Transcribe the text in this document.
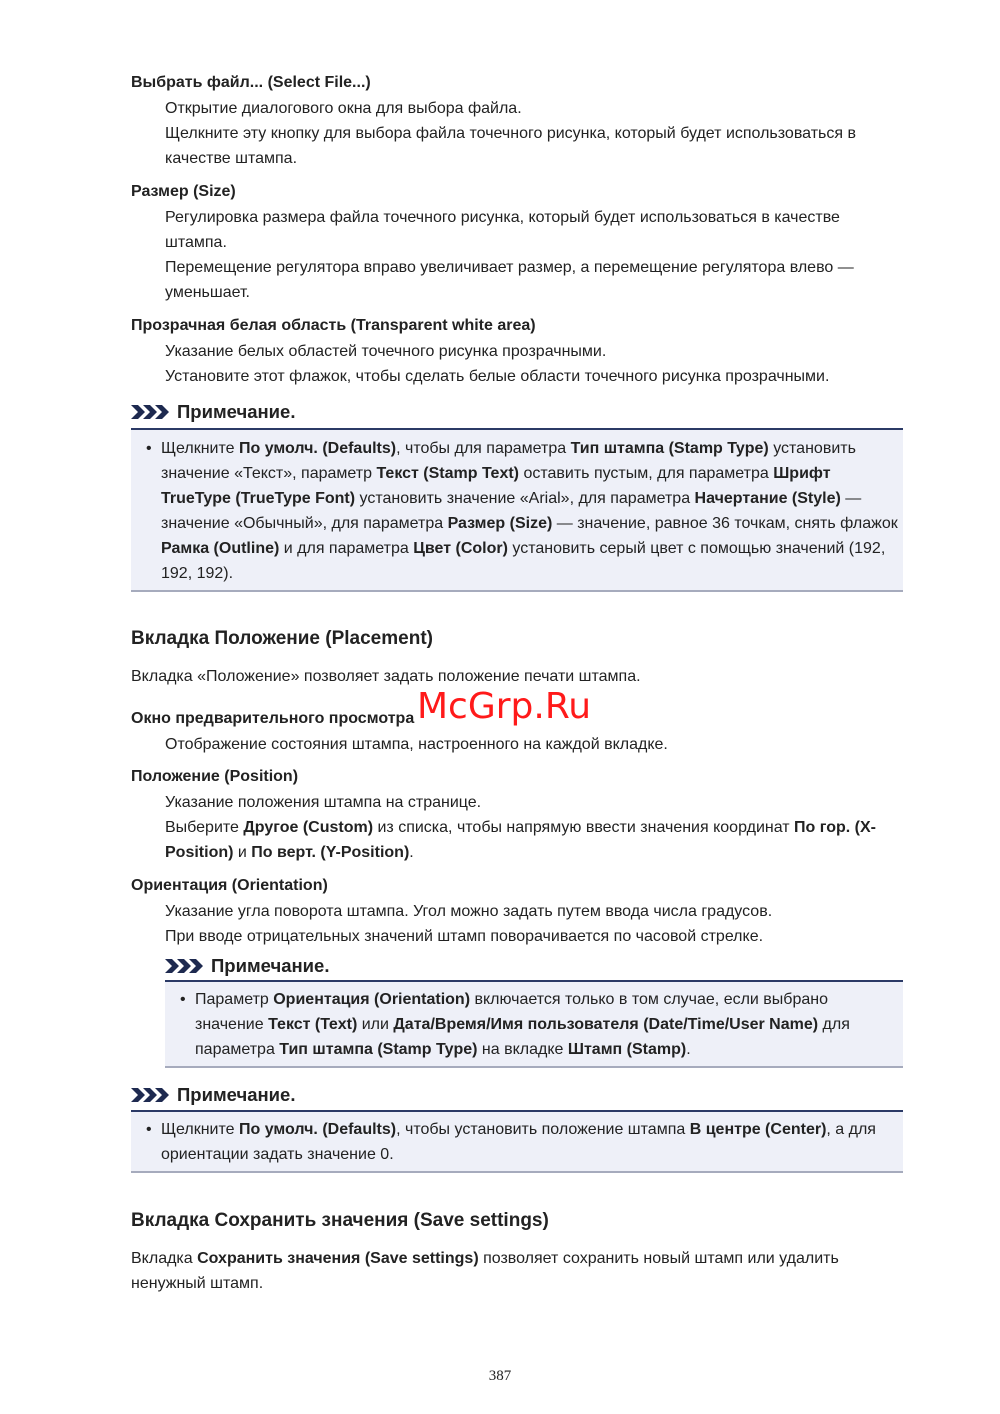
Выбрать файл... (Select File...)
Открытие диалогового окна для выбора файла.
Щелкните эту кнопку для выбора файла точечного рисунка, который будет использоваться в качестве штампа.
Размер (Size)
Регулировка размера файла точечного рисунка, который будет использоваться в качестве штампа.
Перемещение регулятора вправо увеличивает размер, а перемещение регулятора влево — уменьшает.
Прозрачная белая область (Transparent white area)
Указание белых областей точечного рисунка прозрачными.
Установите этот флажок, чтобы сделать белые области точечного рисунка прозрачными.
Примечание.
• Щелкните По умолч. (Defaults), чтобы для параметра Тип штампа (Stamp Type) установить значение «Текст», параметр Текст (Stamp Text) оставить пустым, для параметра Шрифт TrueType (TrueType Font) установить значение «Arial», для параметра Начертание (Style) — значение «Обычный», для параметра Размер (Size) — значение, равное 36 точкам, снять флажок Рамка (Outline) и для параметра Цвет (Color) установить серый цвет с помощью значений (192, 192, 192).
Вкладка Положение (Placement)
Вкладка «Положение» позволяет задать положение печати штампа.
Окно предварительного просмотра
Отображение состояния штампа, настроенного на каждой вкладке.
Положение (Position)
Указание положения штампа на странице.
Выберите Другое (Custom) из списка, чтобы напрямую ввести значения координат По гор. (X-Position) и По верт. (Y-Position).
Ориентация (Orientation)
Указание угла поворота штампа. Угол можно задать путем ввода числа градусов.
При вводе отрицательных значений штамп поворачивается по часовой стрелке.
Примечание.
• Параметр Ориентация (Orientation) включается только в том случае, если выбрано значение Текст (Text) или Дата/Время/Имя пользователя (Date/Time/User Name) для параметра Тип штампа (Stamp Type) на вкладке Штамп (Stamp).
Примечание.
• Щелкните По умолч. (Defaults), чтобы установить положение штампа В центре (Center), а для ориентации задать значение 0.
Вкладка Сохранить значения (Save settings)
Вкладка Сохранить значения (Save settings) позволяет сохранить новый штамп или удалить ненужный штамп.
McGrp.Ru
387
